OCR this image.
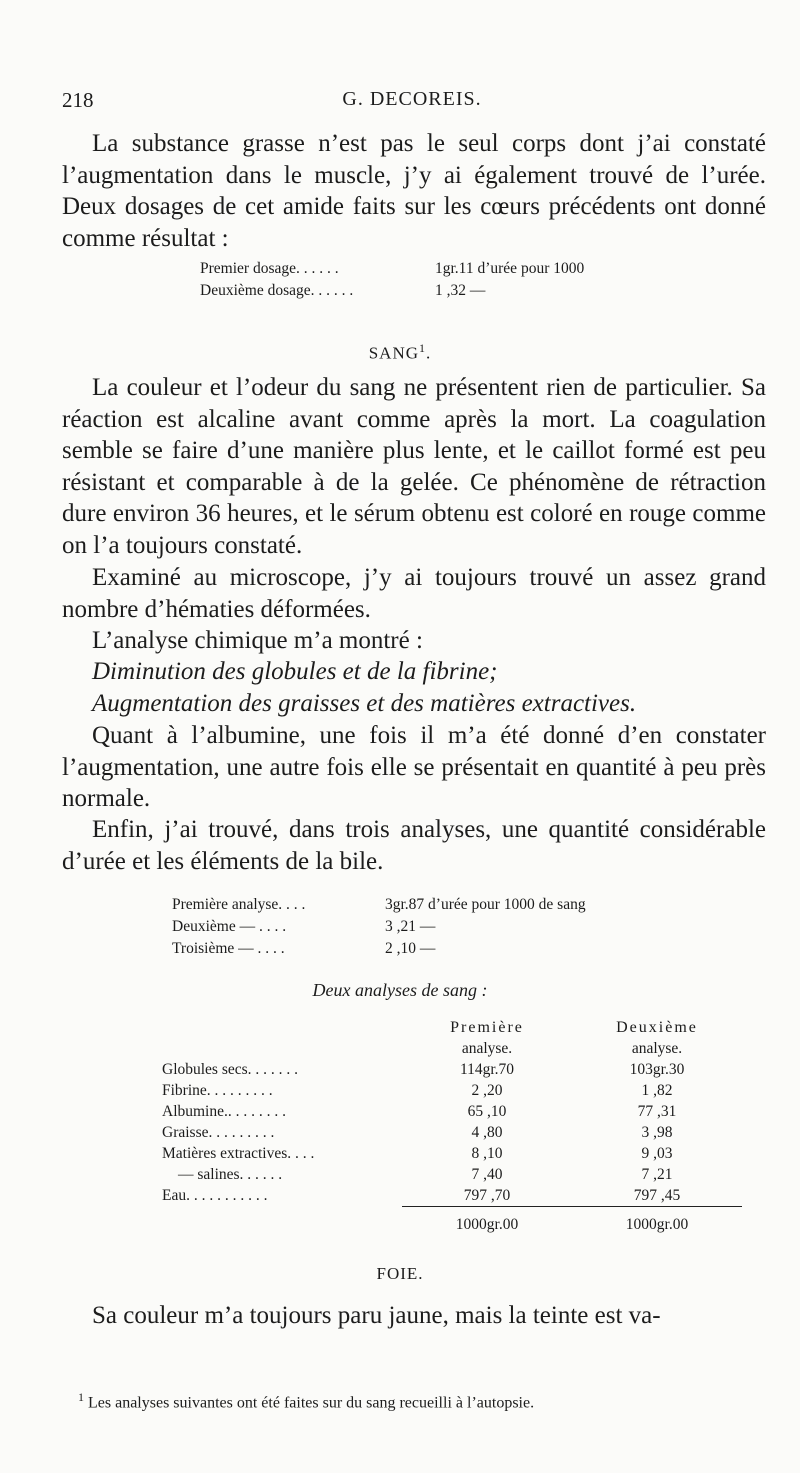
218	G. DECOREIS.

La substance grasse n’est pas le seul corps dont j’ai constaté l’augmentation dans le muscle, j’y ai également trouvé de l’urée. Deux dosages de cet amide faits sur les cœurs précédents ont donné comme résultat :

Premier dosage. . . . . .	1gr.11 d’urée pour 1000
Deuxième dosage. . . . . .	1 ,32 —
SANG$^1$.

La couleur et l’odeur du sang ne présentent rien de particulier. Sa réaction est alcaline avant comme après la mort. La coagulation semble se faire d’une manière plus lente, et le caillot formé est peu résistant et comparable à de la gelée. Ce phénomène de rétraction dure environ 36 heures, et le sérum obtenu est coloré en rouge comme on l’a toujours constaté.

Examiné au microscope, j’y ai toujours trouvé un assez grand nombre d’hématies déformées.

L’analyse chimique m’a montré :

Diminution des globules et de la fibrine;

Augmentation des graisses et des matières extractives.

Quant à l’albumine, une fois il m’a été donné d’en constater l’augmentation, une autre fois elle se présentait en quantité à peu près normale.

Enfin, j’ai trouvé, dans trois analyses, une quantité considérable d’urée et les éléments de la bile.

Première analyse. . . .	3gr.87 d’urée pour 1000 de sang
Deuxième — . . . .	3 ,21 —
Troisième — . . . .	2 ,10 —
Deux analyses de sang :
	Première	Deuxième
	analyse.	analyse.
Globules secs. . . . . . .	114gr.70	103gr.30
Fibrine. . . . . . . . .	2 ,20	1 ,82
Albumine.. . . . . . . .	65 ,10	77 ,31
Graisse. . . . . . . . .	4 ,80	3 ,98
Matières extractives. . . .	8 ,10	9 ,03
— salines. . . . . .	7 ,40	7 ,21
Eau. . . . . . . . . . .	797 ,70	797 ,45
	1000gr.00	1000gr.00
FOIE.

Sa couleur m’a toujours paru jaune, mais la teinte est va-

$^1$ Les analyses suivantes ont été faites sur du sang recueilli à l’autopsie.
